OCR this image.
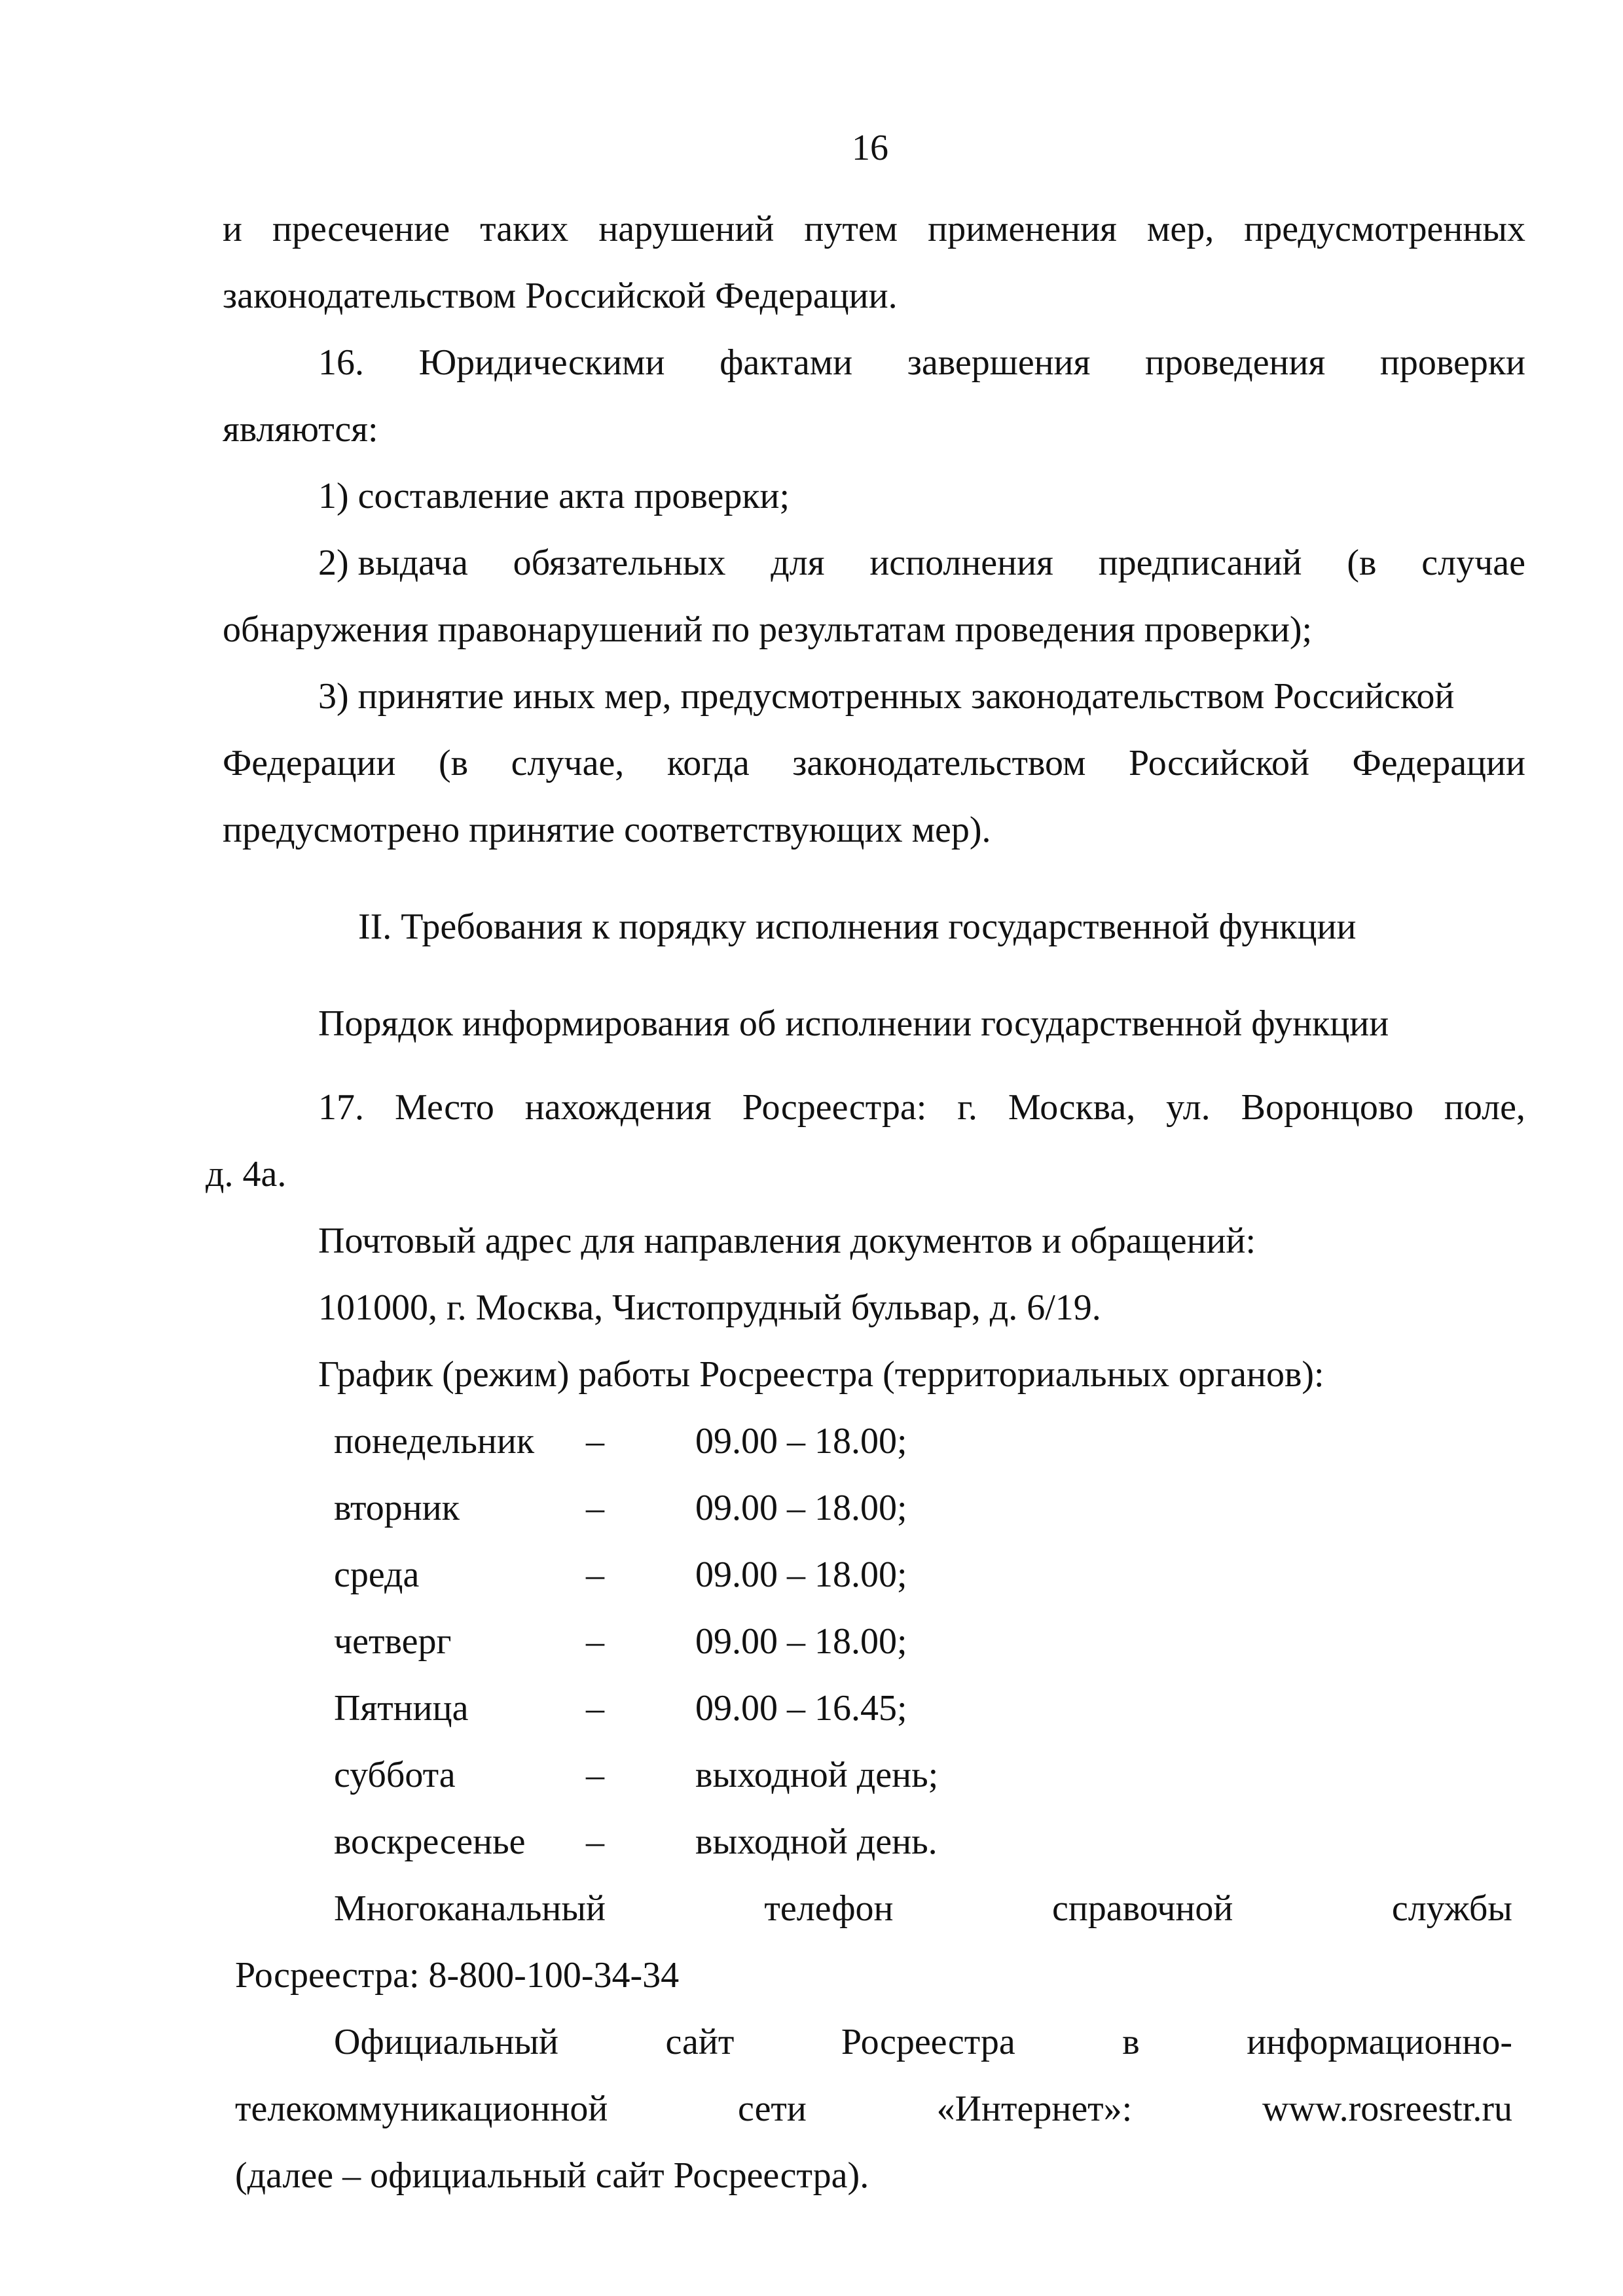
16
и пресечение таких нарушений путем применения мер, предусмотренных
законодательством Российской Федерации.
16. Юридическими фактами завершения проведения проверки
являются:
1) составление акта проверки;
2) выдача обязательных для исполнения предписаний (в случае
обнаружения правонарушений по результатам проведения проверки);
3) принятие иных мер, предусмотренных законодательством Российской
Федерации (в случае, когда законодательством Российской Федерации
предусмотрено принятие соответствующих мер).
II. Требования к порядку исполнения государственной функции
Порядок информирования об исполнении государственной функции
17. Место нахождения Росреестра: г. Москва, ул. Воронцово поле,
д. 4а.
Почтовый адрес для направления документов и обращений:
101000, г. Москва, Чистопрудный бульвар, д. 6/19.
График (режим) работы Росреестра (территориальных органов):
понедельник – 09.00 – 18.00;
вторник	– 09.00 – 18.00;
среда	– 09.00 – 18.00;
четверг	– 09.00 – 18.00;
Пятница	– 09.00 – 16.45;
суббота	– выходной день;
воскресенье – выходной день.
Многоканальный	телефон	справочной	службы
Росреестра: 8-800-100-34-34
Официальный	сайт	Росреестра	в	информационно-
телекоммуникационной	сети	«Интернет»:	www.rosreestr.ru
(далее – официальный сайт Росреестра).
